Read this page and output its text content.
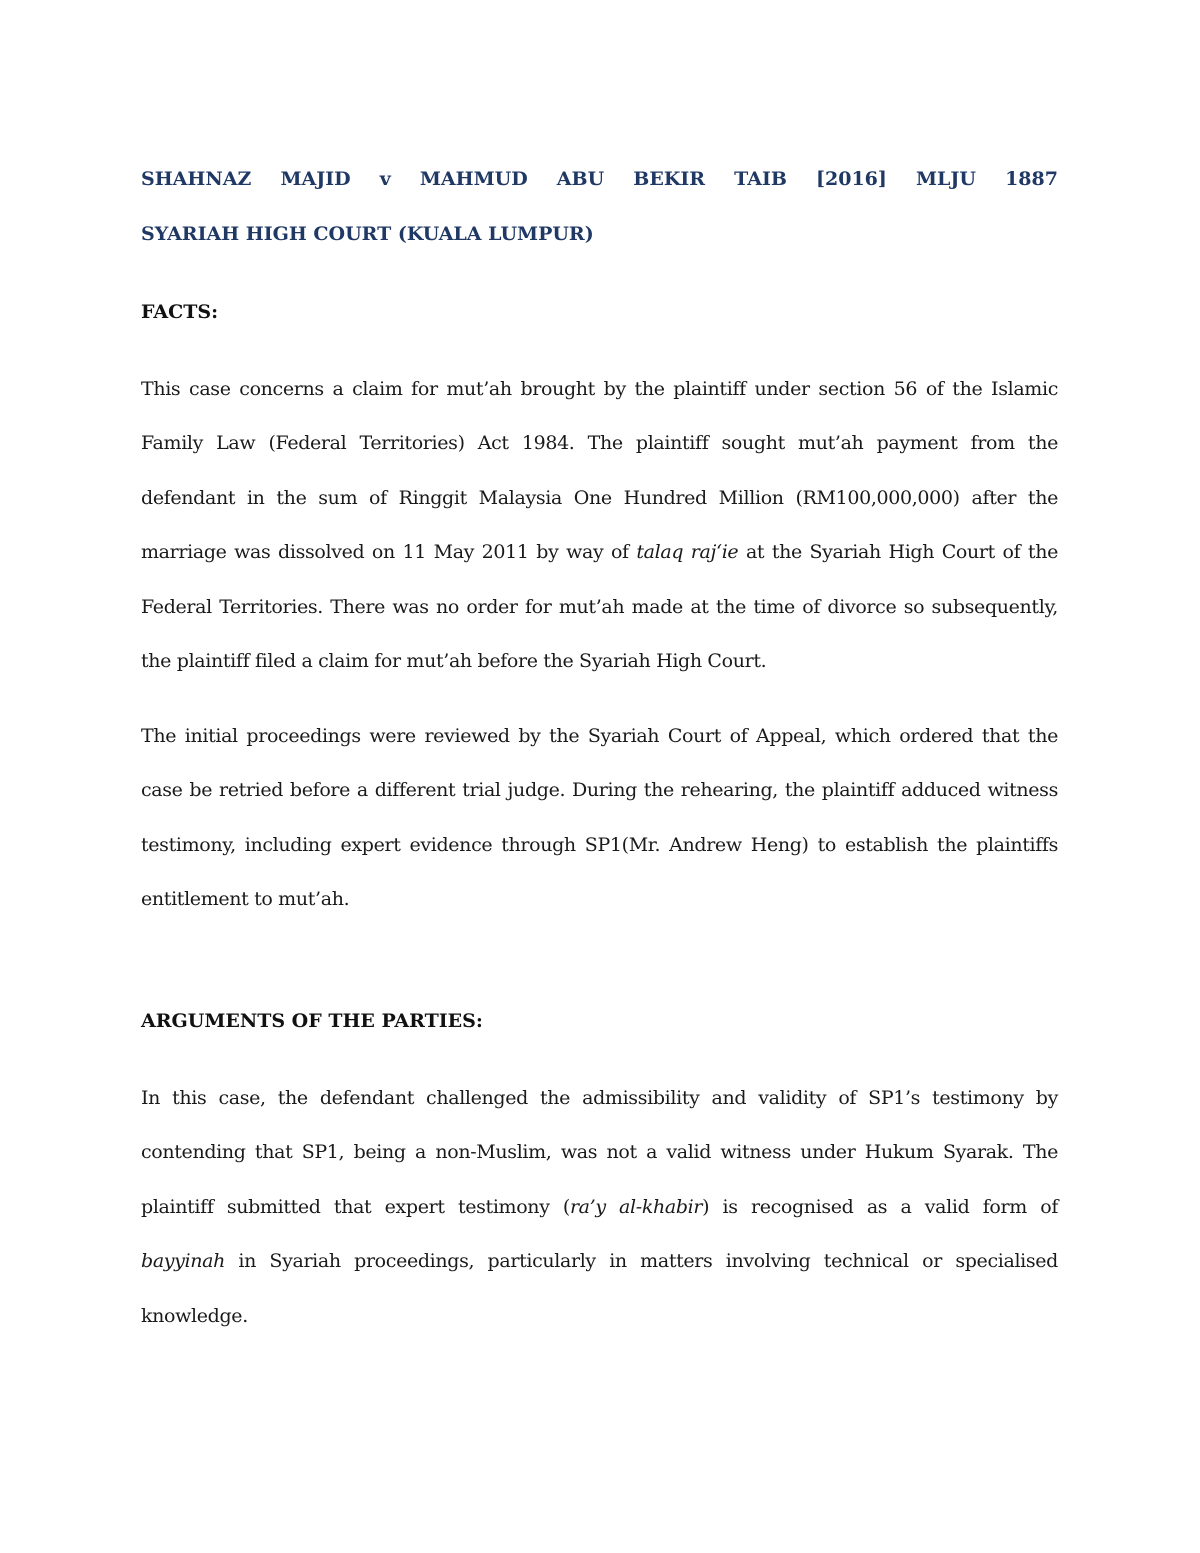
SHAHNAZ MAJID v MAHMUD ABU BEKIR TAIB [2016] MLJU 1887
SYARIAH HIGH COURT (KUALA LUMPUR)
FACTS:
This case concerns a claim for mut’ah brought by the plaintiff under section 56 of the Islamic
Family Law (Federal Territories) Act 1984. The plaintiff sought mut’ah payment from the
defendant in the sum of Ringgit Malaysia One Hundred Million (RM100,000,000) after the
marriage was dissolved on 11 May 2011 by way of talaq raj‘ie at the Syariah High Court of the
Federal Territories. There was no order for mut’ah made at the time of divorce so subsequently,
the plaintiff filed a claim for mut’ah before the Syariah High Court.
The initial proceedings were reviewed by the Syariah Court of Appeal, which ordered that the
case be retried before a different trial judge. During the rehearing, the plaintiff adduced witness
testimony, including expert evidence through SP1(Mr. Andrew Heng) to establish the plaintiffs
entitlement to mut’ah.
ARGUMENTS OF THE PARTIES:
In this case, the defendant challenged the admissibility and validity of SP1’s testimony by
contending that SP1, being a non-Muslim, was not a valid witness under Hukum Syarak. The
plaintiff submitted that expert testimony (ra’y al-khabir) is recognised as a valid form of
bayyinah in Syariah proceedings, particularly in matters involving technical or specialised
knowledge.
